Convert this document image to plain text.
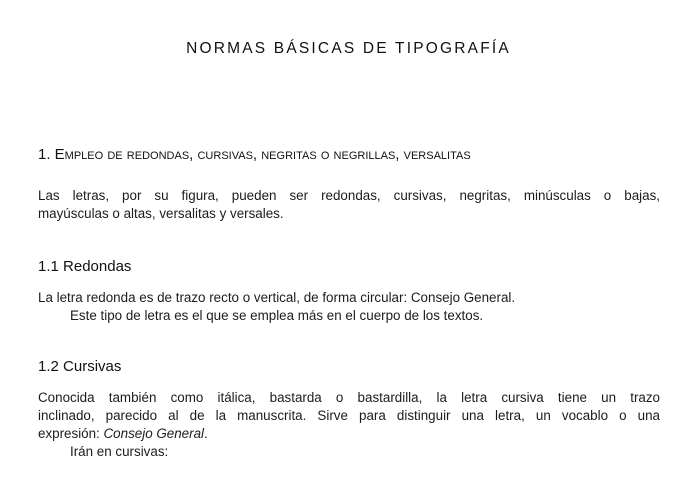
NORMAS BÁSICAS DE TIPOGRAFÍA
1. Empleo de redondas, cursivas, negritas o negrillas, versalitas
Las letras, por su figura, pueden ser redondas, cursivas, negritas, minúsculas o bajas,
mayúsculas o altas, versalitas y versales.
1.1 Redondas
La letra redonda es de trazo recto o vertical, de forma circular: Consejo General.
Este tipo de letra es el que se emplea más en el cuerpo de los textos.
1.2 Cursivas
Conocida también como itálica, bastarda o bastardilla, la letra cursiva tiene un trazo
inclinado, parecido al de la manuscrita. Sirve para distinguir una letra, un vocablo o una
expresión: Consejo General.
Irán en cursivas:
